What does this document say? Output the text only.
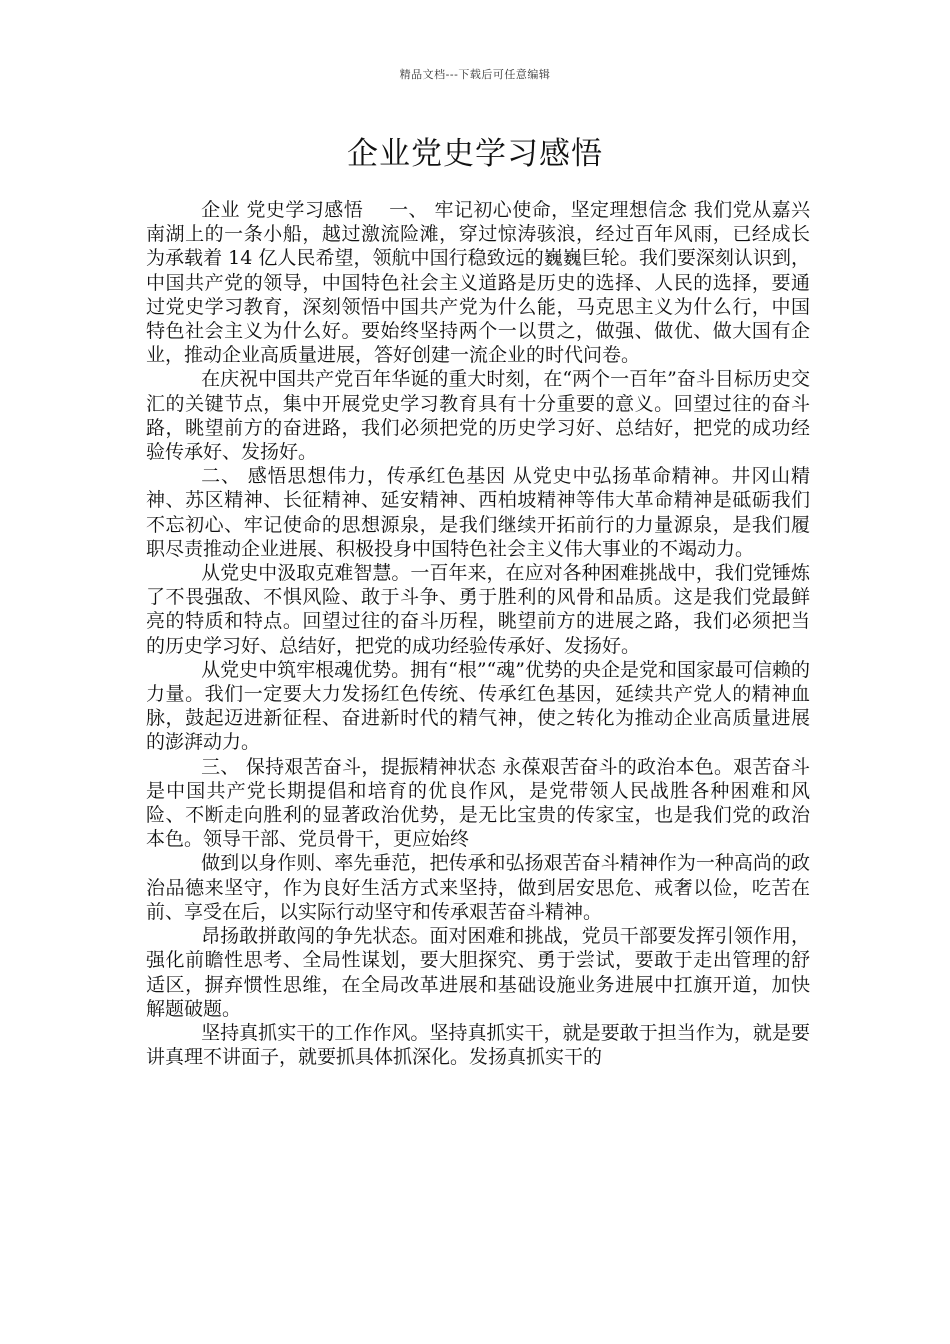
精品文档---下载后可任意编辑
企业党史学习感悟

企业 党史学习感悟　 一、 牢记初心使命，坚定理想信念 我们党从嘉兴南湖上的一条小船，越过激流险滩，穿过惊涛骇浪，经过百年风雨，已经成长为承载着 14 亿人民希望，领航中国行稳致远的巍巍巨轮。我们要深刻认识到，中国共产党的领导，中国特色社会主义道路是历史的选择、人民的选择，要通过党史学习教育，深刻领悟中国共产党为什么能，马克思主义为什么行，中国特色社会主义为什么好。要始终坚持两个一以贯之，做强、做优、做大国有企业，推动企业高质量进展，答好创建一流企业的时代问卷。

在庆祝中国共产党百年华诞的重大时刻，在“两个一百年”奋斗目标历史交汇的关键节点，集中开展党史学习教育具有十分重要的意义。回望过往的奋斗路，眺望前方的奋进路，我们必须把党的历史学习好、总结好，把党的成功经验传承好、发扬好。

二、 感悟思想伟力，传承红色基因 从党史中弘扬革命精神。井冈山精神、苏区精神、长征精神、延安精神、西柏坡精神等伟大革命精神是砥砺我们不忘初心、牢记使命的思想源泉，是我们继续开拓前行的力量源泉，是我们履职尽责推动企业进展、积极投身中国特色社会主义伟大事业的不竭动力。

从党史中汲取克难智慧。一百年来，在应对各种困难挑战中，我们党锤炼了不畏强敌、不惧风险、敢于斗争、勇于胜利的风骨和品质。这是我们党最鲜亮的特质和特点。回望过往的奋斗历程，眺望前方的进展之路，我们必须把当的历史学习好、总结好，把党的成功经验传承好、发扬好。

从党史中筑牢根魂优势。拥有“根”“魂”优势的央企是党和国家最可信赖的力量。我们一定要大力发扬红色传统、传承红色基因，延续共产党人的精神血脉，鼓起迈进新征程、奋进新时代的精气神，使之转化为推动企业高质量进展的澎湃动力。

三、 保持艰苦奋斗，提振精神状态 永葆艰苦奋斗的政治本色。艰苦奋斗是中国共产党长期提倡和培育的优良作风，是党带领人民战胜各种困难和风险、不断走向胜利的显著政治优势，是无比宝贵的传家宝，也是我们党的政治本色。领导干部、党员骨干，更应始终

做到以身作则、率先垂范，把传承和弘扬艰苦奋斗精神作为一种高尚的政治品德来坚守，作为良好生活方式来坚持，做到居安思危、戒奢以俭，吃苦在前、享受在后，以实际行动坚守和传承艰苦奋斗精神。

昂扬敢拼敢闯的争先状态。面对困难和挑战，党员干部要发挥引领作用，强化前瞻性思考、全局性谋划，要大胆探究、勇于尝试，要敢于走出管理的舒适区，摒弃惯性思维，在全局改革进展和基础设施业务进展中扛旗开道，加快解题破题。

坚持真抓实干的工作作风。坚持真抓实干，就是要敢于担当作为，就是要讲真理不讲面子，就要抓具体抓深化。发扬真抓实干的
